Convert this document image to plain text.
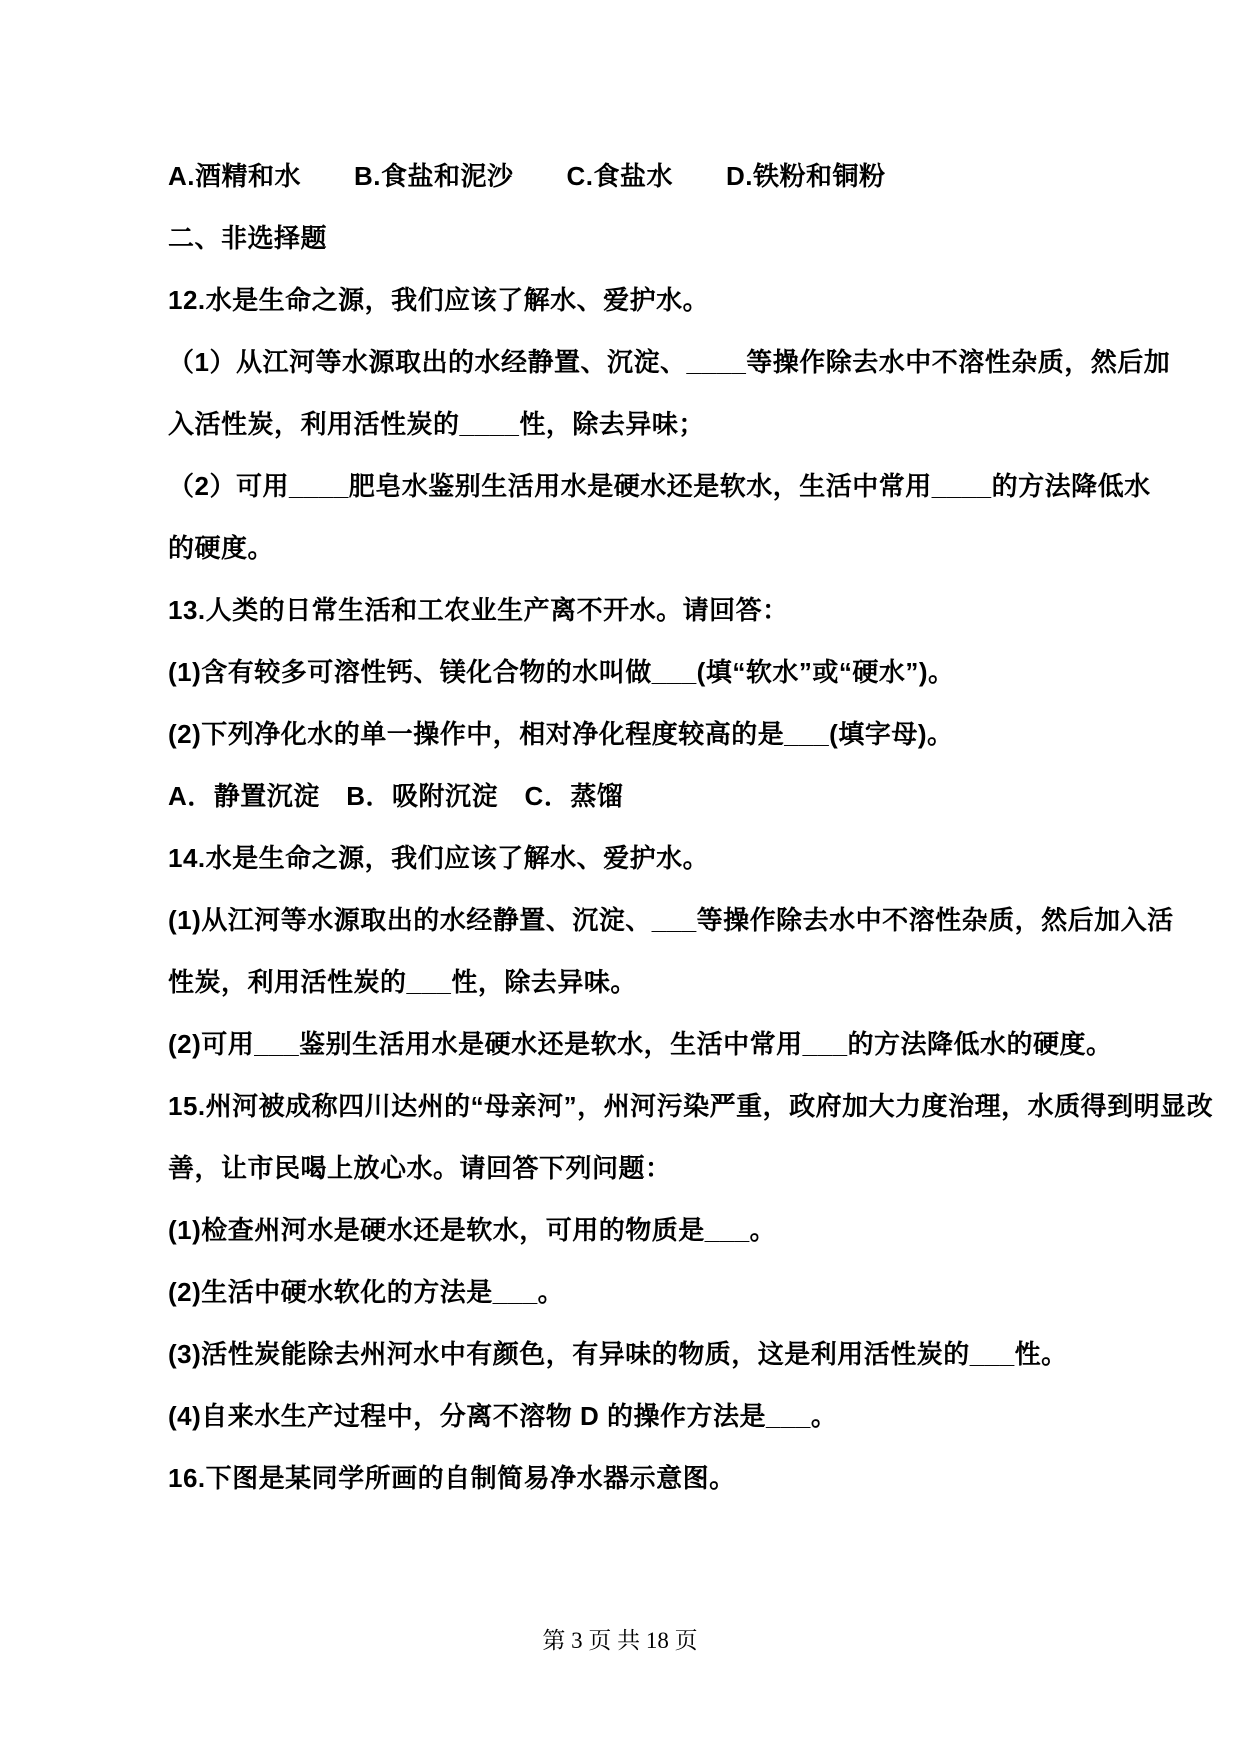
A.酒精和水　　B.食盐和泥沙　　C.食盐水　　D.铁粉和铜粉
二、非选择题
12.水是生命之源，我们应该了解水、爱护水。
（1）从江河等水源取出的水经静置、沉淀、____等操作除去水中不溶性杂质，然后加
入活性炭，利用活性炭的____性，除去异味；
（2）可用____肥皂水鉴别生活用水是硬水还是软水，生活中常用____的方法降低水
的硬度。
13.人类的日常生活和工农业生产离不开水。请回答：
(1)含有较多可溶性钙、镁化合物的水叫做___(填“软水”或“硬水”)。
(2)下列净化水的单一操作中，相对净化程度较高的是___(填字母)。
A．静置沉淀　B．吸附沉淀　C．蒸馏
14.水是生命之源，我们应该了解水、爱护水。
(1)从江河等水源取出的水经静置、沉淀、___等操作除去水中不溶性杂质，然后加入活
性炭，利用活性炭的___性，除去异味。
(2)可用___鉴别生活用水是硬水还是软水，生活中常用___的方法降低水的硬度。
15.州河被成称四川达州的“母亲河”，州河污染严重，政府加大力度治理，水质得到明显改
善，让市民喝上放心水。请回答下列问题：
(1)检查州河水是硬水还是软水，可用的物质是___。
(2)生活中硬水软化的方法是___。
(3)活性炭能除去州河水中有颜色，有异味的物质，这是利用活性炭的___性。
(4)自来水生产过程中，分离不溶物 D 的操作方法是___。
16.下图是某同学所画的自制简易净水器示意图。
第 3 页 共 18 页
